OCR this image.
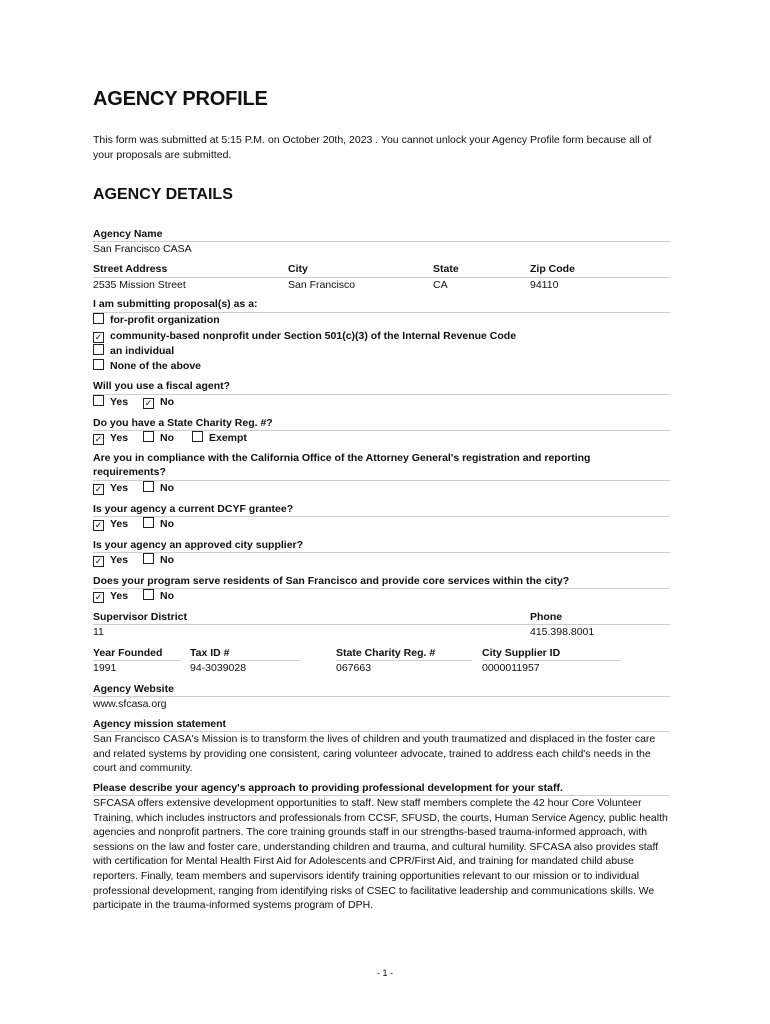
AGENCY PROFILE

This form was submitted at 5:15 P.M. on October 20th, 2023 . You cannot unlock your Agency Profile form because all of your proposals are submitted.

AGENCY DETAILS
Agency Name
San Francisco CASA
Street Address	City	State	Zip Code
2535 Mission Street	San Francisco	CA	94110
I am submitting proposal(s) as a:
for-profit organization
✓ community-based nonprofit under Section 501(c)(3) of the Internal Revenue Code
an individual
None of the above
Will you use a fiscal agent?
Yes ✓ No
Do you have a State Charity Reg. #?
✓ Yes	No	Exempt
Are you in compliance with the California Office of the Attorney General's registration and reporting requirements?
✓ Yes	No
Is your agency a current DCYF grantee?
✓ Yes	No
Is your agency an approved city supplier?
✓ Yes	No
Does your program serve residents of San Francisco and provide core services within the city?
✓ Yes	No
Supervisor District	Phone
11	415.398.8001
Year Founded	Tax ID #	State Charity Reg. #	City Supplier ID
1991	94-3039028	067663	0000011957
Agency Website
www.sfcasa.org
Agency mission statement

San Francisco CASA's Mission is to transform the lives of children and youth traumatized and displaced in the foster care and related systems by providing one consistent, caring volunteer advocate, trained to address each child's needs in the court and community.

Please describe your agency's approach to providing professional development for your staff.

SFCASA offers extensive development opportunities to staff. New staff members complete the 42 hour Core Volunteer Training, which includes instructors and professionals from CCSF, SFUSD, the courts, Human Service Agency, public health agencies and nonprofit partners. The core training grounds staff in our strengths-based trauma-informed approach, with sessions on the law and foster care, understanding children and trauma, and cultural humility. SFCASA also provides staff with certification for Mental Health First Aid for Adolescents and CPR/First Aid, and training for mandated child abuse reporters. Finally, team members and supervisors identify training opportunities relevant to our mission or to individual professional development, ranging from identifying risks of CSEC to facilitative leadership and communications skills. We participate in the trauma-informed systems program of DPH.

- 1 -
